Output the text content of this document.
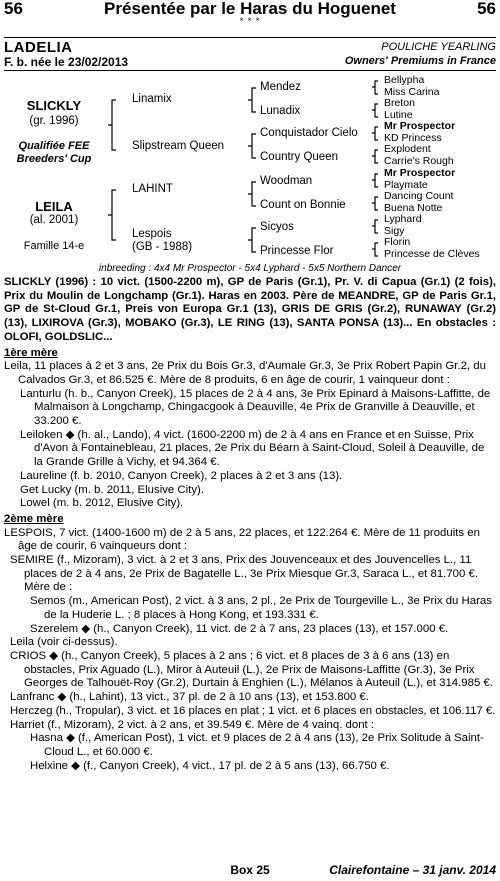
56	Présentée par le Haras du Hoguenet	56
* * *
LADELIA
F. b. née le 23/02/2013
POULICHE YEARLING
Owners' Premiums in France
SLICKLY
(gr. 1996)
Qualifiée FEE
Breeders' Cup
LEILA
(al. 2001)
Famille 14-e
Linamix
Slipstream Queen
LAHINT
Lespois
(GB - 1988)
Mendez
Lunadix
Conquistador Cielo
Country Queen
Woodman
Count on Bonnie
Sicyos
Princesse Flor
Bellypha
Miss Carina
Breton
Lutine
Mr Prospector
KD Princess
Explodent
Carrie's Rough
Mr Prospector
Playmate
Dancing Count
Buena Notte
Lyphard
Sigy
Florin
Princesse de Clèves
inbreeding : 4x4 Mr Prospector - 5x4 Lyphard - 5x5 Northern Dancer

SLICKLY (1996) : 10 vict. (1500-2200 m), GP de Paris (Gr.1), Pr. V. di Capua (Gr.1) (2 fois), Prix du Moulin de Longchamp (Gr.1). Haras en 2003. Père de MEANDRE, GP de Paris Gr.1, GP de St-Cloud Gr.1, Preis von Europa Gr.1 (13), GRIS DE GRIS (Gr.2), RUNAWAY (Gr.2) (13), LIXIROVA (Gr.3), MOBAKO (Gr.3), LE RING (13), SANTA PONSA (13)... En obstacles : OLOFI, GOLDSLIC...

1ère mère

Leila, 11 places à 2 et 3 ans, 2e Prix du Bois Gr.3, d'Aumale Gr.3, 3e Prix Robert Papin Gr.2, du Calvados Gr.3, et 86.525 €. Mère de 8 produits, 6 en âge de courir, 1 vainqueur dont :

Lanturlu (h. b., Canyon Creek), 15 places de 2 à 4 ans, 3e Prix Epinard à Maisons-Laffitte, de Malmaison à Longchamp, Chingacgook à Deauville, 4e Prix de Granville à Deauville, et 33.200 €.

Leiloken ◆ (h. al., Lando), 4 vict. (1600-2200 m) de 2 à 4 ans en France et en Suisse, Prix d'Avon à Fontainebleau, 21 places, 2e Prix du Béarn à Saint-Cloud, Soleil à Deauville, de la Grande Grille à Vichy, et 94.364 €.

Laureline (f. b. 2010, Canyon Creek), 2 places à 2 et 3 ans (13).

Get Lucky (m. b. 2011, Elusive City).

Lowel (m. b. 2012, Elusive City).

2ème mère

LESPOIS, 7 vict. (1400-1600 m) de 2 à 5 ans, 22 places, et 122.264 €. Mère de 11 produits en âge de courir, 6 vainqueurs dont :

SEMIRE (f., Mizoram), 3 vict. à 2 et 3 ans, Prix des Jouvenceaux et des Jouvencelles L., 11 places de 2 à 4 ans, 2e Prix de Bagatelle L., 3e Prix Miesque Gr.3, Saraca L., et 81.700 €. Mère de :

Semos (m., American Post), 2 vict. à 3 ans, 2 pl., 2e Prix de Tourgeville L., 3e Prix du Haras de la Huderie L. ; 8 places à Hong Kong, et 193.331 €.

Szerelem ◆ (h., Canyon Creek), 11 vict. de 2 à 7 ans, 23 places (13), et 157.000 €.

Leila (voir ci-dessus).

CRIOS ◆ (h., Canyon Creek), 5 places à 2 ans ; 6 vict. et 8 places de 3 à 6 ans (13) en obstacles, Prix Aguado (L.), Miror à Auteuil (L.), 2e Prix de Maisons-Laffitte (Gr.3), 3e Prix Georges de Talhouët-Roy (Gr.2), Durtain à Enghien (L.), Mélanos à Auteuil (L.), et 314.985 €.

Lanfranc ◆ (h., Lahint), 13 vict., 37 pl. de 2 à 10 ans (13), et 153.800 €.

Herczeg (h., Tropular), 3 vict. et 16 places en plat ; 1 vict. et 6 places en obstacles, et 106.117 €.

Harriet (f., Mizoram), 2 vict. à 2 ans, et 39.549 €. Mère de 4 vainq. dont :

Hasna ◆ (f., American Post), 1 vict. et 9 places de 2 à 4 ans (13), 2e Prix Solitude à Saint-Cloud L., et 60.000 €.

Helxine ◆ (f., Canyon Creek), 4 vict., 17 pl. de 2 à 5 ans (13), 66.750 €.

Box 25	Clairefontaine – 31 janv. 2014
